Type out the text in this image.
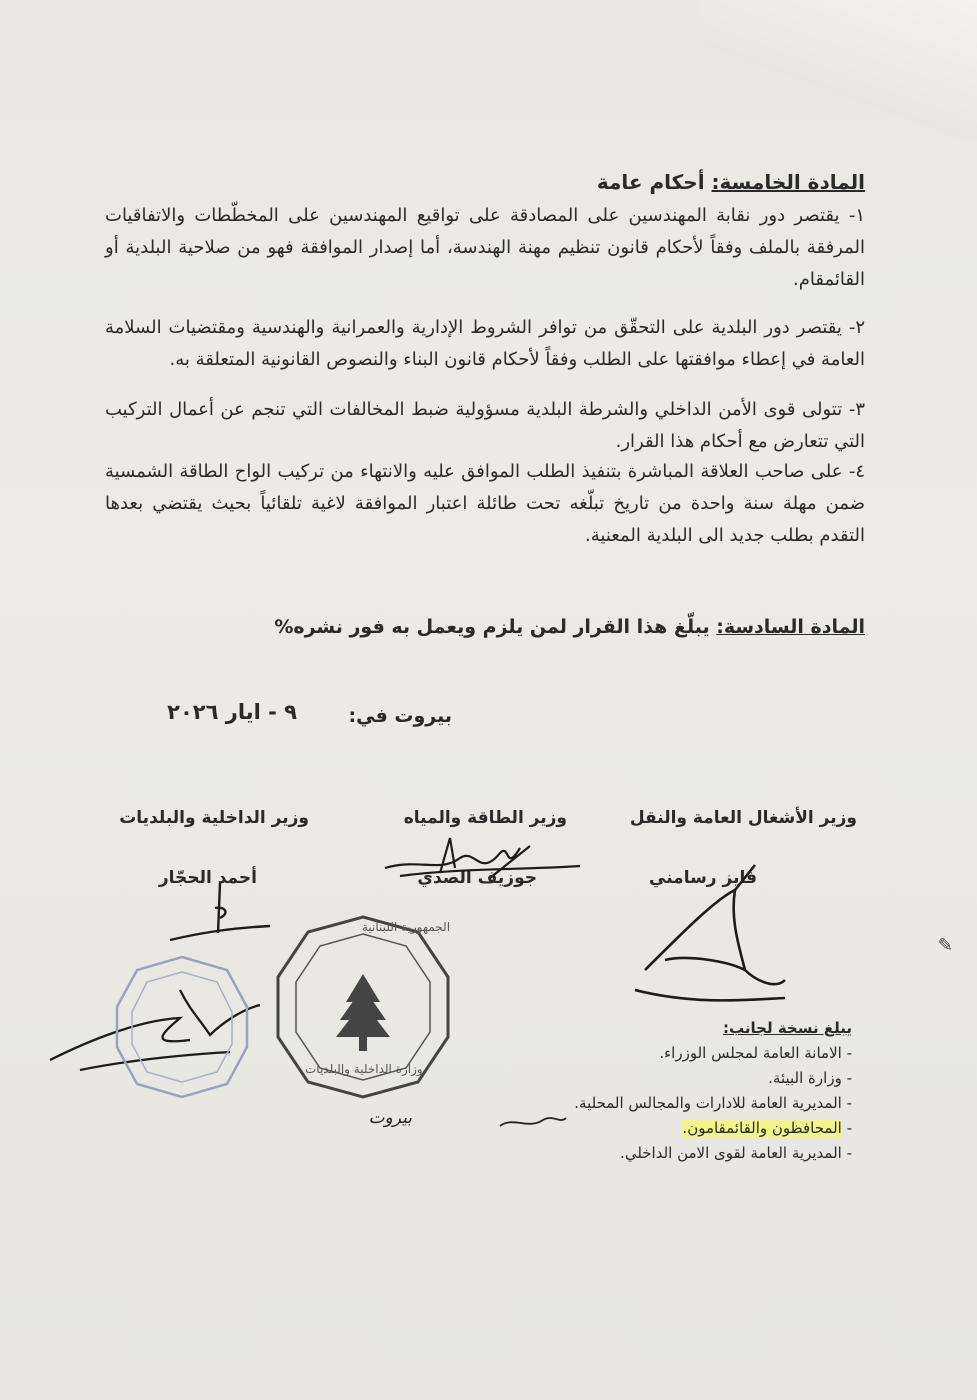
المادة الخامسة: أحكام عامة
١- يقتصر دور نقابة المهندسين على المصادقة على تواقيع المهندسين على المخطّطات والاتفاقيات المرفقة بالملف وفقاً لأحكام قانون تنظيم مهنة الهندسة، أما إصدار الموافقة فهو من صلاحية البلدية أو القائمقام.
٢- يقتصر دور البلدية على التحقّق من توافر الشروط الإدارية والعمرانية والهندسية ومقتضيات السلامة العامة في إعطاء موافقتها على الطلب وفقاً لأحكام قانون البناء والنصوص القانونية المتعلقة به.
٣- تتولى قوى الأمن الداخلي والشرطة البلدية مسؤولية ضبط المخالفات التي تنجم عن أعمال التركيب التي تتعارض مع أحكام هذا القرار.
٤- على صاحب العلاقة المباشرة بتنفيذ الطلب الموافق عليه والانتهاء من تركيب الواح الطاقة الشمسية ضمن مهلة سنة واحدة من تاريخ تبلّغه تحت طائلة اعتبار الموافقة لاغية تلقائياً بحيث يقتضي بعدها التقدم بطلب جديد الى البلدية المعنية.
المادة السادسة: يبلّغ هذا القرار لمن يلزم ويعمل به فور نشره%
بيروت في:
٩ - ايار ٢٠٢٦
وزير الأشغال العامة والنقل
وزير الطاقة والمياه
وزير الداخلية والبلديات
فايز رسامني
جوزيف الصدي
أحمد الحجّار
الجمهورية اللبنانية
وزارة الداخلية والبلديات
✎
يبلغ نسخة لجانب:
- الامانة العامة لمجلس الوزراء.
- وزارة البيئة.
- المديرية العامة للادارات والمجالس المحلية.
- المحافظون والقائمقامون.
- المديرية العامة لقوى الامن الداخلي.
بيروت
